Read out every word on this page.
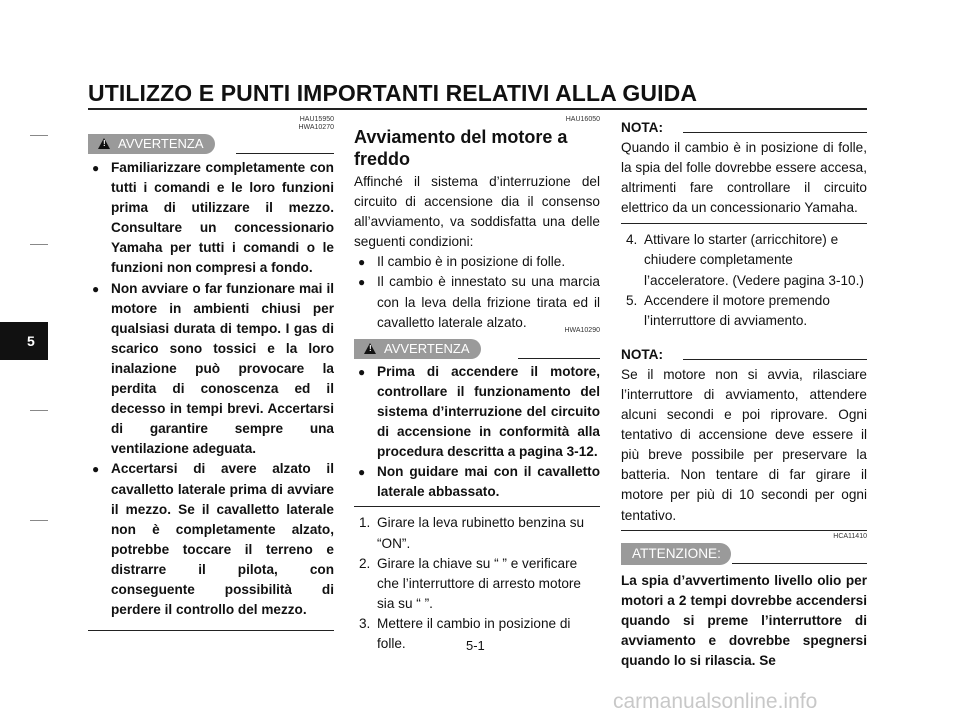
UTILIZZO E PUNTI IMPORTANTI RELATIVI ALLA GUIDA
5
HAU15950
HWA10270
! AVVERTENZA
● Familiarizzare completamente con tutti i comandi e le loro funzioni prima di utilizzare il mezzo. Consultare un concessionario Yamaha per tutti i comandi o le funzioni non compresi a fondo.
● Non avviare o far funzionare mai il motore in ambienti chiusi per qualsiasi durata di tempo. I gas di scarico sono tossici e la loro inalazione può provocare la perdita di conoscenza ed il decesso in tempi brevi. Accertarsi di garantire sempre una ventilazione adeguata.
● Accertarsi di avere alzato il cavalletto laterale prima di avviare il mezzo. Se il cavalletto laterale non è completamente alzato, potrebbe toccare il terreno e distrarre il pilota, con conseguente possibilità di perdere il controllo del mezzo.
HAU16050
Avviamento del motore a freddo
Affinché il sistema d’interruzione del circuito di accensione dia il consenso all’avviamento, va soddisfatta una delle seguenti condizioni:
● Il cambio è in posizione di folle.
● Il cambio è innestato su una marcia con la leva della frizione tirata ed il cavalletto laterale alzato.
HWA10290
! AVVERTENZA
● Prima di accendere il motore, controllare il funzionamento del sistema d’interruzione del circuito di accensione in conformità alla procedura descritta a pagina 3-12.
● Non guidare mai con il cavalletto laterale abbassato.
1. Girare la leva rubinetto benzina su “ON”.
2. Girare la chiave su “ ” e verificare che l’interruttore di arresto motore sia su “ ”.
3. Mettere il cambio in posizione di folle.
NOTA:
Quando il cambio è in posizione di folle, la spia del folle dovrebbe essere accesa, altrimenti fare controllare il circuito elettrico da un concessionario Yamaha.
4. Attivare lo starter (arricchitore) e chiudere completamente l’acceleratore. (Vedere pagina 3-10.)
5. Accendere il motore premendo l’interruttore di avviamento.
NOTA:
Se il motore non si avvia, rilasciare l’interruttore di avviamento, attendere alcuni secondi e poi riprovare. Ogni tentativo di accensione deve essere il più breve possibile per preservare la batteria. Non tentare di far girare il motore per più di 10 secondi per ogni tentativo.
HCA11410
ATTENZIONE:
La spia d’avvertimento livello olio per motori a 2 tempi dovrebbe accendersi quando si preme l’interruttore di avviamento e dovrebbe spegnersi quando lo si rilascia. Se
5-1
carmanualsonline.info
